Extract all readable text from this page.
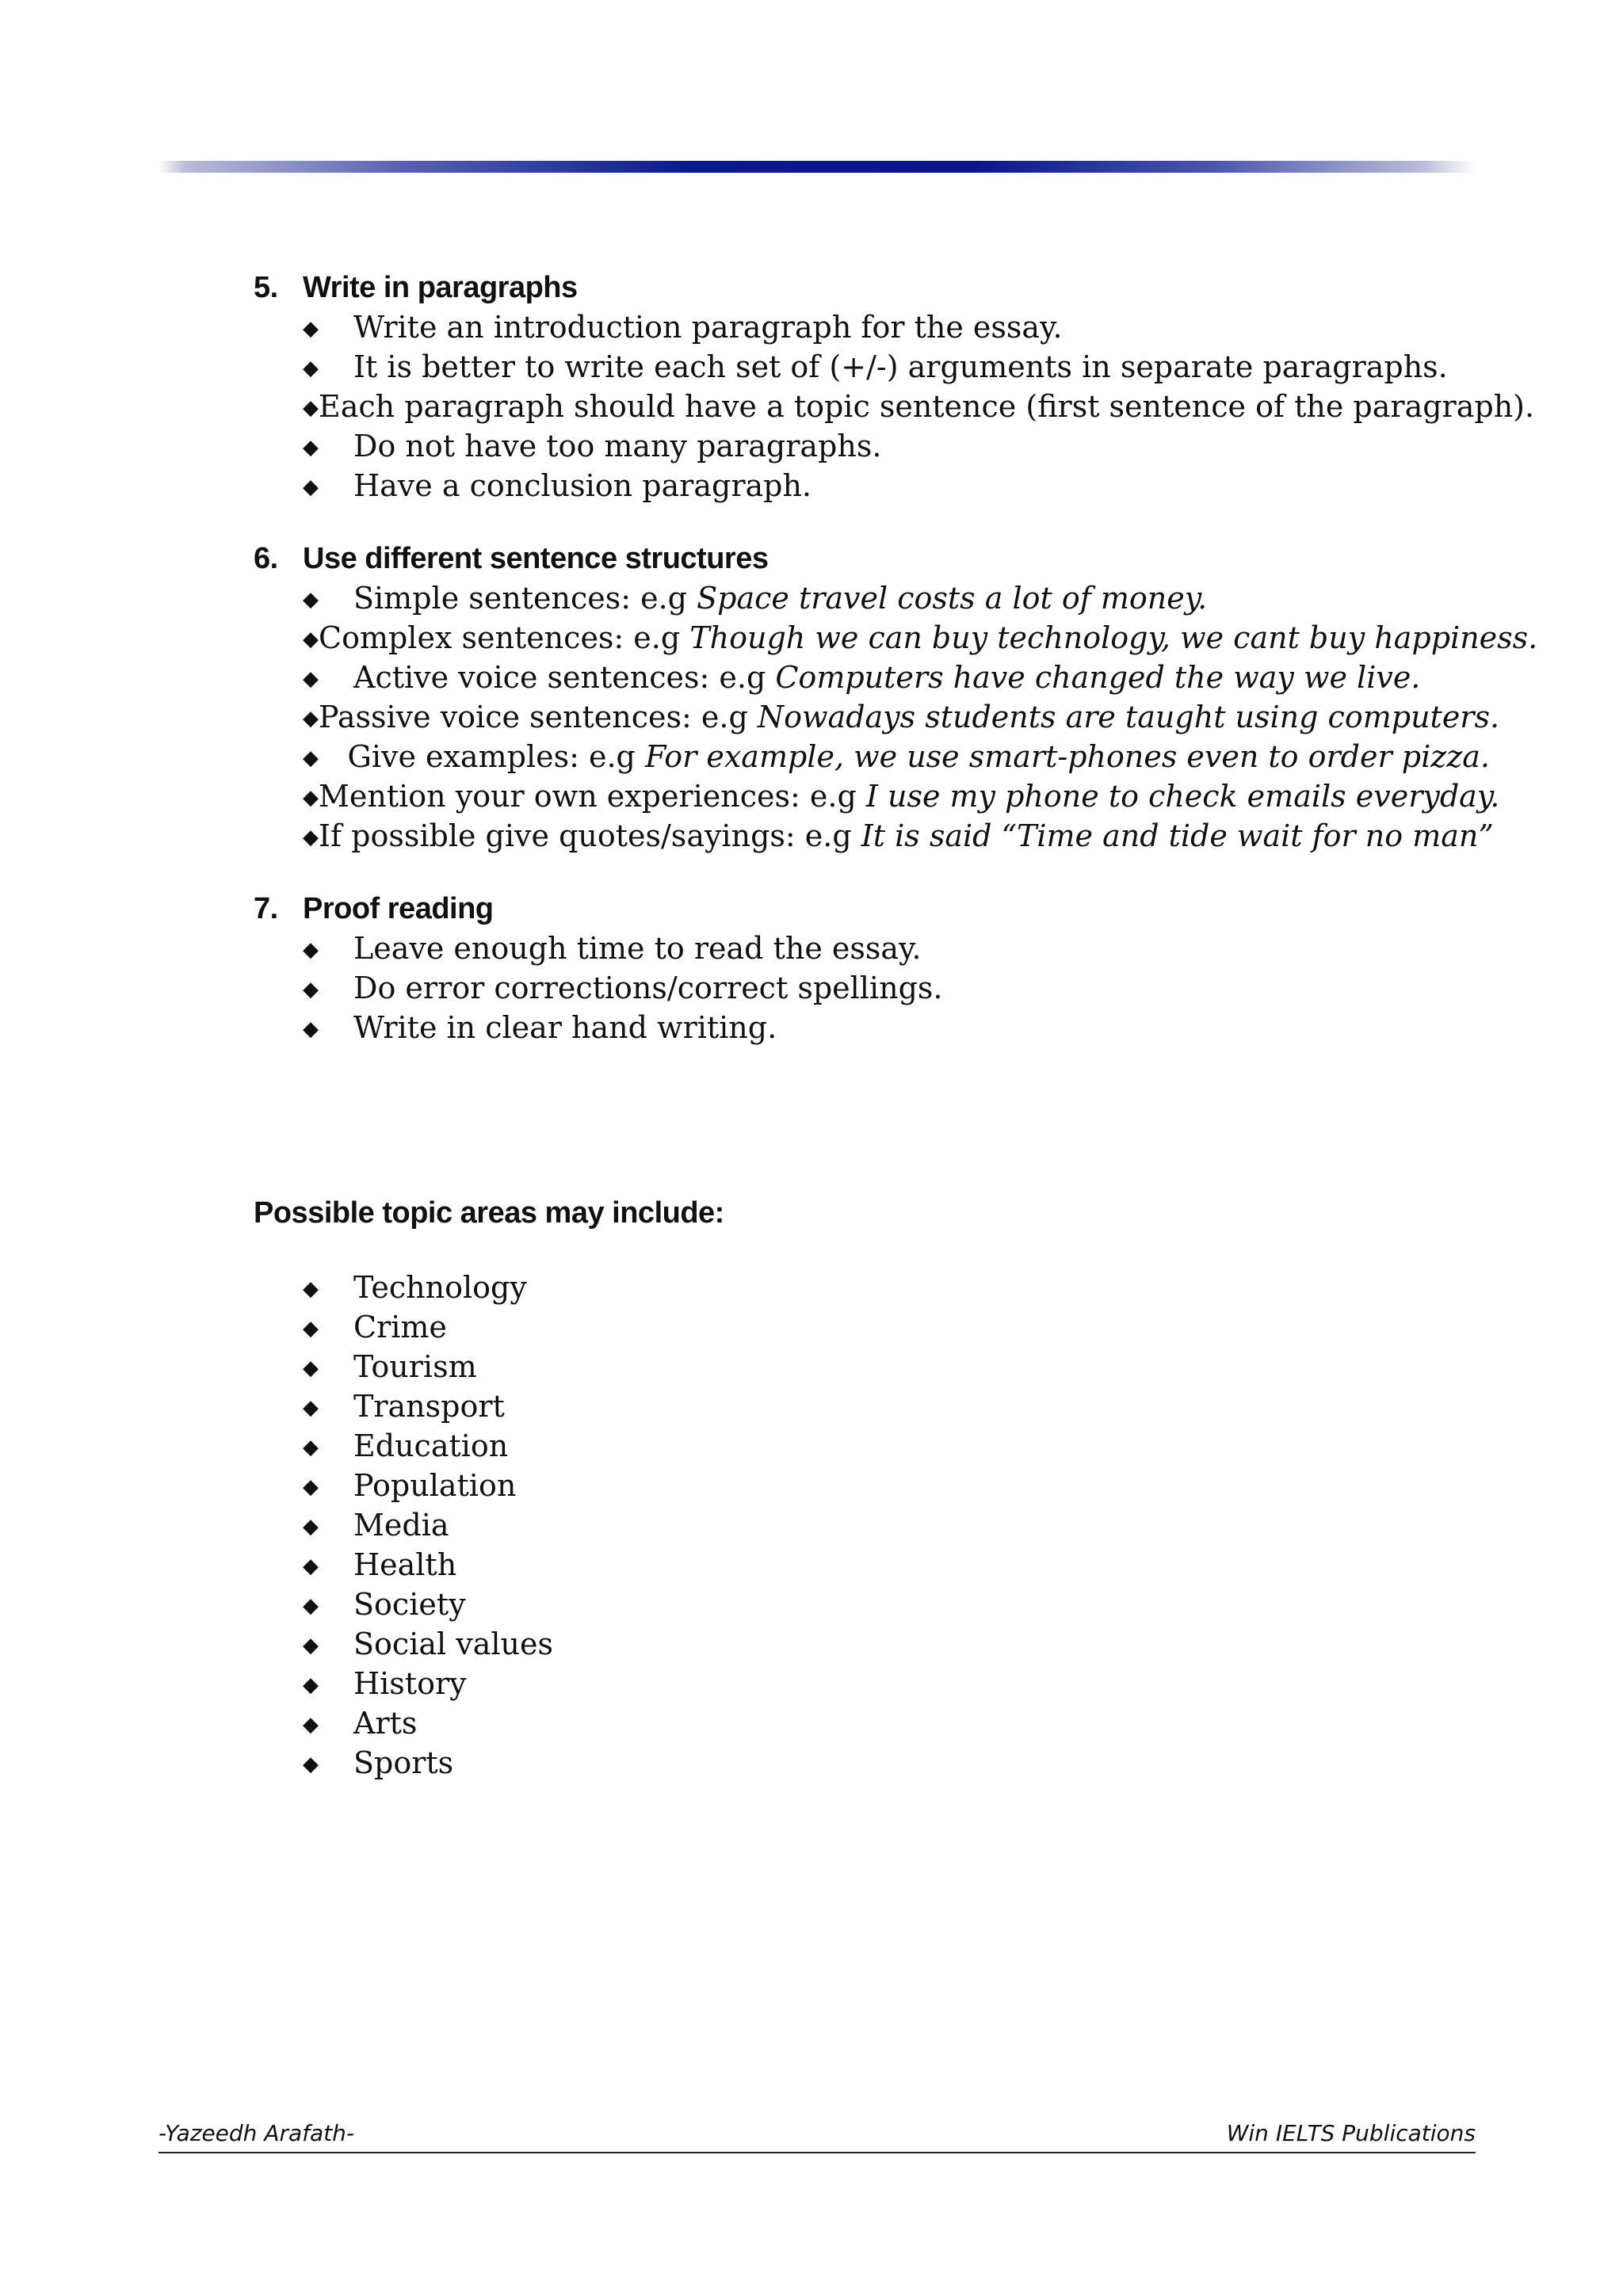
5. Write in paragraphs
◆	Write an introduction paragraph for the essay.
◆	It is better to write each set of (+/-) arguments in separate paragraphs.
◆ Each paragraph should have a topic sentence (first sentence of the paragraph).
◆	Do not have too many paragraphs.
◆	Have a conclusion paragraph.
6. Use different sentence structures
◆	Simple sentences: e.g Space travel costs a lot of money.
◆ Complex sentences: e.g Though we can buy technology, we cant buy happiness.
◆	Active voice sentences: e.g Computers have changed the way we live.
◆ Passive voice sentences: e.g Nowadays students are taught using computers.
◆ Give examples: e.g For example, we use smart-phones even to order pizza.
◆ Mention your own experiences: e.g I use my phone to check emails everyday.
◆ If possible give quotes/sayings: e.g It is said “Time and tide wait for no man”
7. Proof reading
◆	Leave enough time to read the essay.
◆	Do error corrections/correct spellings.
◆	Write in clear hand writing.
Possible topic areas may include:
◆	Technology
◆	Crime
◆	Tourism
◆	Transport
◆	Education
◆	Population
◆	Media
◆	Health
◆	Society
◆	Social values
◆	History
◆	Arts
◆	Sports
-Yazeedh Arafath-	Win IELTS Publications
